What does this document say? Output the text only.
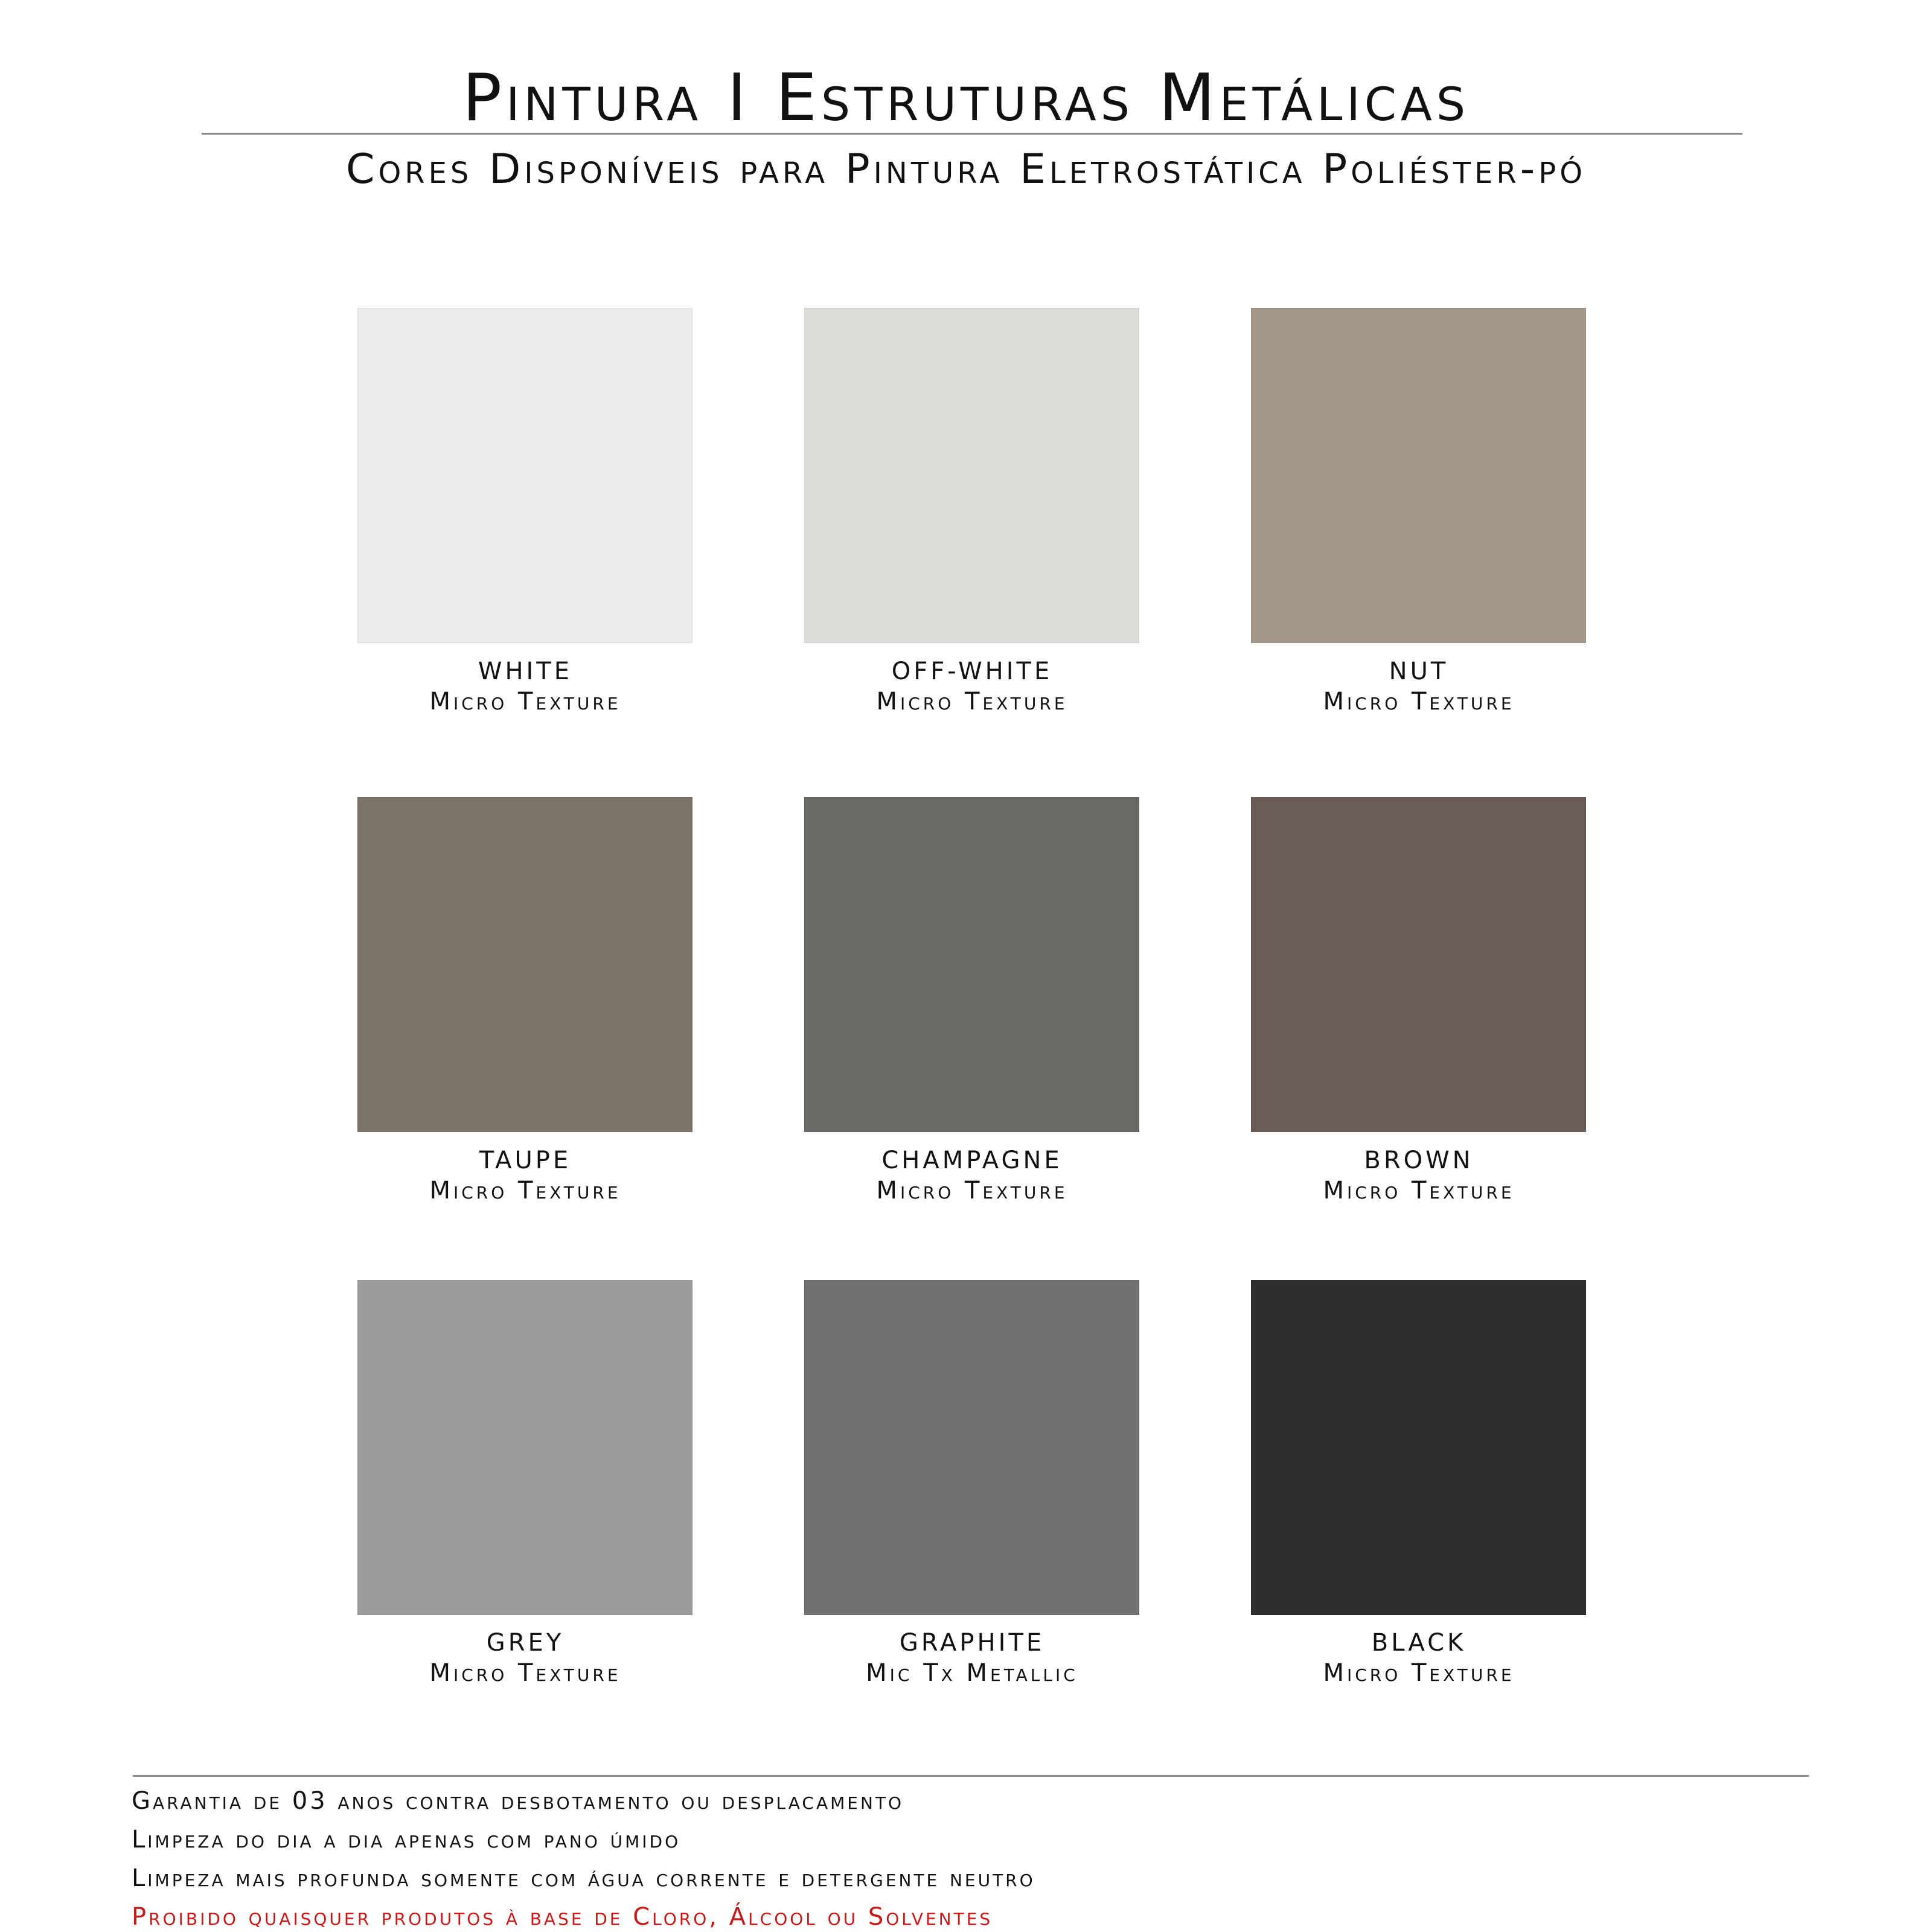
Pintura I Estruturas Metálicas
Cores Disponíveis para Pintura Eletrostática Poliéster-pó
WHITE
Micro Texture
OFF-WHITE
Micro Texture
NUT
Micro Texture
TAUPE
Micro Texture
CHAMPAGNE
Micro Texture
BROWN
Micro Texture
GREY
Micro Texture
GRAPHITE
Mic Tx Metallic
BLACK
Micro Texture
Garantia de 03 anos contra desbotamento ou desplacamento
Limpeza do dia a dia apenas com pano úmido
Limpeza mais profunda somente com água corrente e detergente neutro
Proibido quaisquer produtos à base de Cloro, Álcool ou Solventes
